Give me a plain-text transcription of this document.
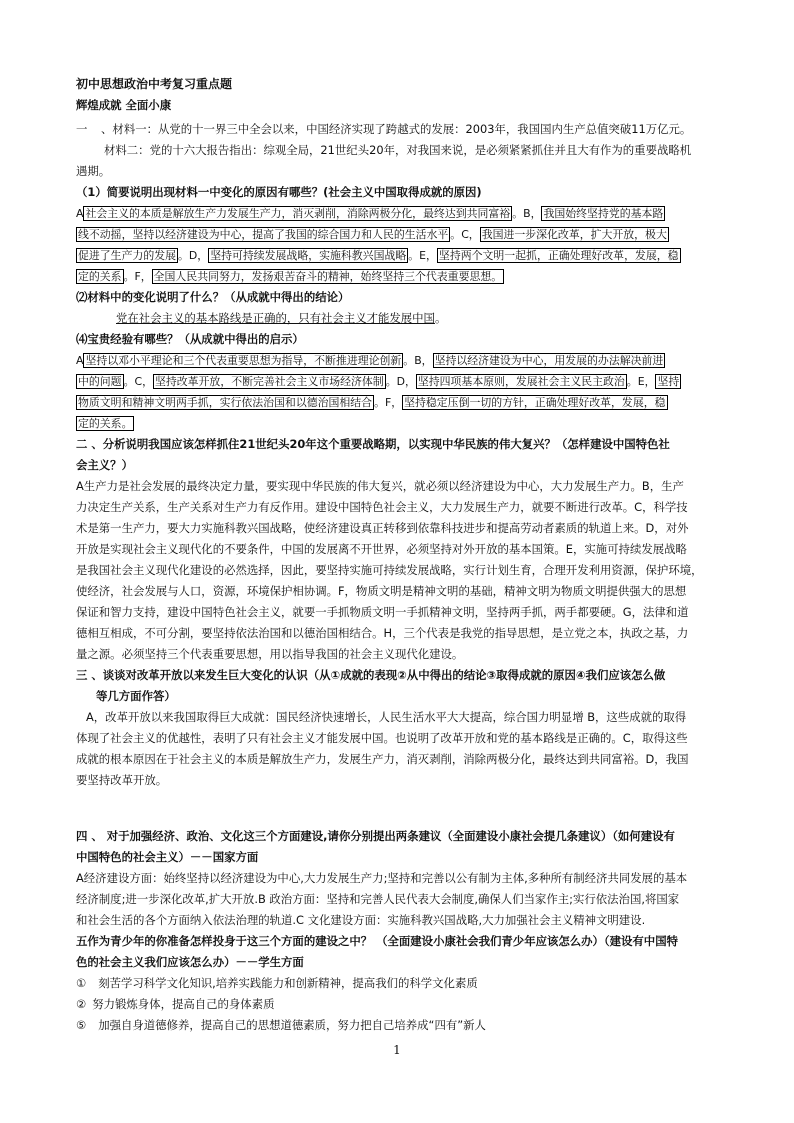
初中思想政治中考复习重点题
辉煌成就 全面小康
一 、材料一：从党的十一界三中全会以来，中国经济实现了跨越式的发展：2003年，我国国内生产总值突破11万亿元。
材料二：党的十六大报告指出：综观全局，21世纪头20年，对我国来说，是必须紧紧抓住并且大有作为的重要战略机
遇期。
（1）简要说明出现材料一中变化的原因有哪些？(社会主义中国取得成就的原因)
A 社会主义的本质是解放生产力发展生产力，消灭剥削，消除两极分化，最终达到共同富裕 。B， 我国始终坚持党的基本路
线不动摇，坚持以经济建设为中心，提高了我国的综合国力和人民的生活水平 。C， 我国进一步深化改革，扩大开放，极大
促进了生产力的发展 。D， 坚持可持续发展战略，实施科教兴国战略 。E， 坚持两个文明一起抓，正确处理好改革，发展，稳
定的关系 。F， 全国人民共同努力，发扬艰苦奋斗的精神，始终坚持三个代表重要思想。
⑵材料中的变化说明了什么？（从成就中得出的结论）
党在社会主义的基本路线是正确的，只有社会主义才能发展中国。
⑷宝贵经验有哪些？（从成就中得出的启示）
A 坚持以邓小平理论和三个代表重要思想为指导，不断推进理论创新 。B， 坚持以经济建设为中心，用发展的办法解决前进
中的问题 。C， 坚持改革开放，不断完善社会主义市场经济体制 。D， 坚持四项基本原则，发展社会主义民主政治 。E， 坚持
物质文明和精神文明两手抓，实行依法治国和以德治国相结合 。F， 坚持稳定压倒一切的方针，正确处理好改革，发展，稳
定的关系。
二 、分析说明我国应该怎样抓住21世纪头20年这个重要战略期，以实现中华民族的伟大复兴？（怎样建设中国特色社
会主义？）
A生产力是社会发展的最终决定力量，要实现中华民族的伟大复兴，就必须以经济建设为中心，大力发展生产力。B，生产
力决定生产关系，生产关系对生产力有反作用。建设中国特色社会主义，大力发展生产力，就要不断进行改革。C，科学技
术是第一生产力，要大力实施科教兴国战略，使经济建设真正转移到依靠科技进步和提高劳动者素质的轨道上来。D，对外
开放是实现社会主义现代化的不要条件，中国的发展离不开世界，必须坚持对外开放的基本国策。E，实施可持续发展战略
是我国社会主义现代化建设的必然选择，因此，要坚持实施可持续发展战略，实行计划生育，合理开发利用资源，保护环境，
使经济，社会发展与人口，资源，环境保护相协调。F，物质文明是精神文明的基础，精神文明为物质文明提供强大的思想
保证和智力支持，建设中国特色社会主义，就要一手抓物质文明一手抓精神文明，坚持两手抓，两手都要硬。G，法律和道
德相互相成，不可分割，要坚持依法治国和以德治国相结合。H，三个代表是我党的指导思想，是立党之本，执政之基，力
量之源。必须坚持三个代表重要思想，用以指导我国的社会主义现代化建设。
三 、谈谈对改革开放以来发生巨大变化的认识（从①成就的表现②从中得出的结论③取得成就的原因④我们应该怎么做
等几方面作答）
A，改革开放以来我国取得巨大成就：国民经济快速增长，人民生活水平大大提高，综合国力明显增 B，这些成就的取得
体现了社会主义的优越性，表明了只有社会主义才能发展中国。也说明了改革开放和党的基本路线是正确的。C，取得这些
成就的根本原因在于社会主义的本质是解放生产力，发展生产力，消灭剥削，消除两极分化，最终达到共同富裕。D，我国
要坚持改革开放。
四 、 对于加强经济、政治、文化这三个方面建设,请你分别提出两条建议（全面建设小康社会提几条建议）（如何建设有
中国特色的社会主义）－－国家方面
A经济建设方面：始终坚持以经济建设为中心,大力发展生产力;坚持和完善以公有制为主体,多种所有制经济共同发展的基本
经济制度;进一步深化改革,扩大开放.B 政治方面：坚持和完善人民代表大会制度,确保人们当家作主;实行依法治国,将国家
和社会生活的各个方面纳入依法治理的轨道.C 文化建设方面：实施科教兴国战略,大力加强社会主义精神文明建设.
五作为青少年的你准备怎样投身于这三个方面的建设之中？ （全面建设小康社会我们青少年应该怎么办）（建设有中国特
色的社会主义我们应该怎么办）－－学生方面
① 刻苦学习科学文化知识,培养实践能力和创新精神，提高我们的科学文化素质
② 努力锻炼身体，提高自己的身体素质
⑤ 加强自身道德修养，提高自己的思想道德素质，努力把自己培养成“四有”新人
1
